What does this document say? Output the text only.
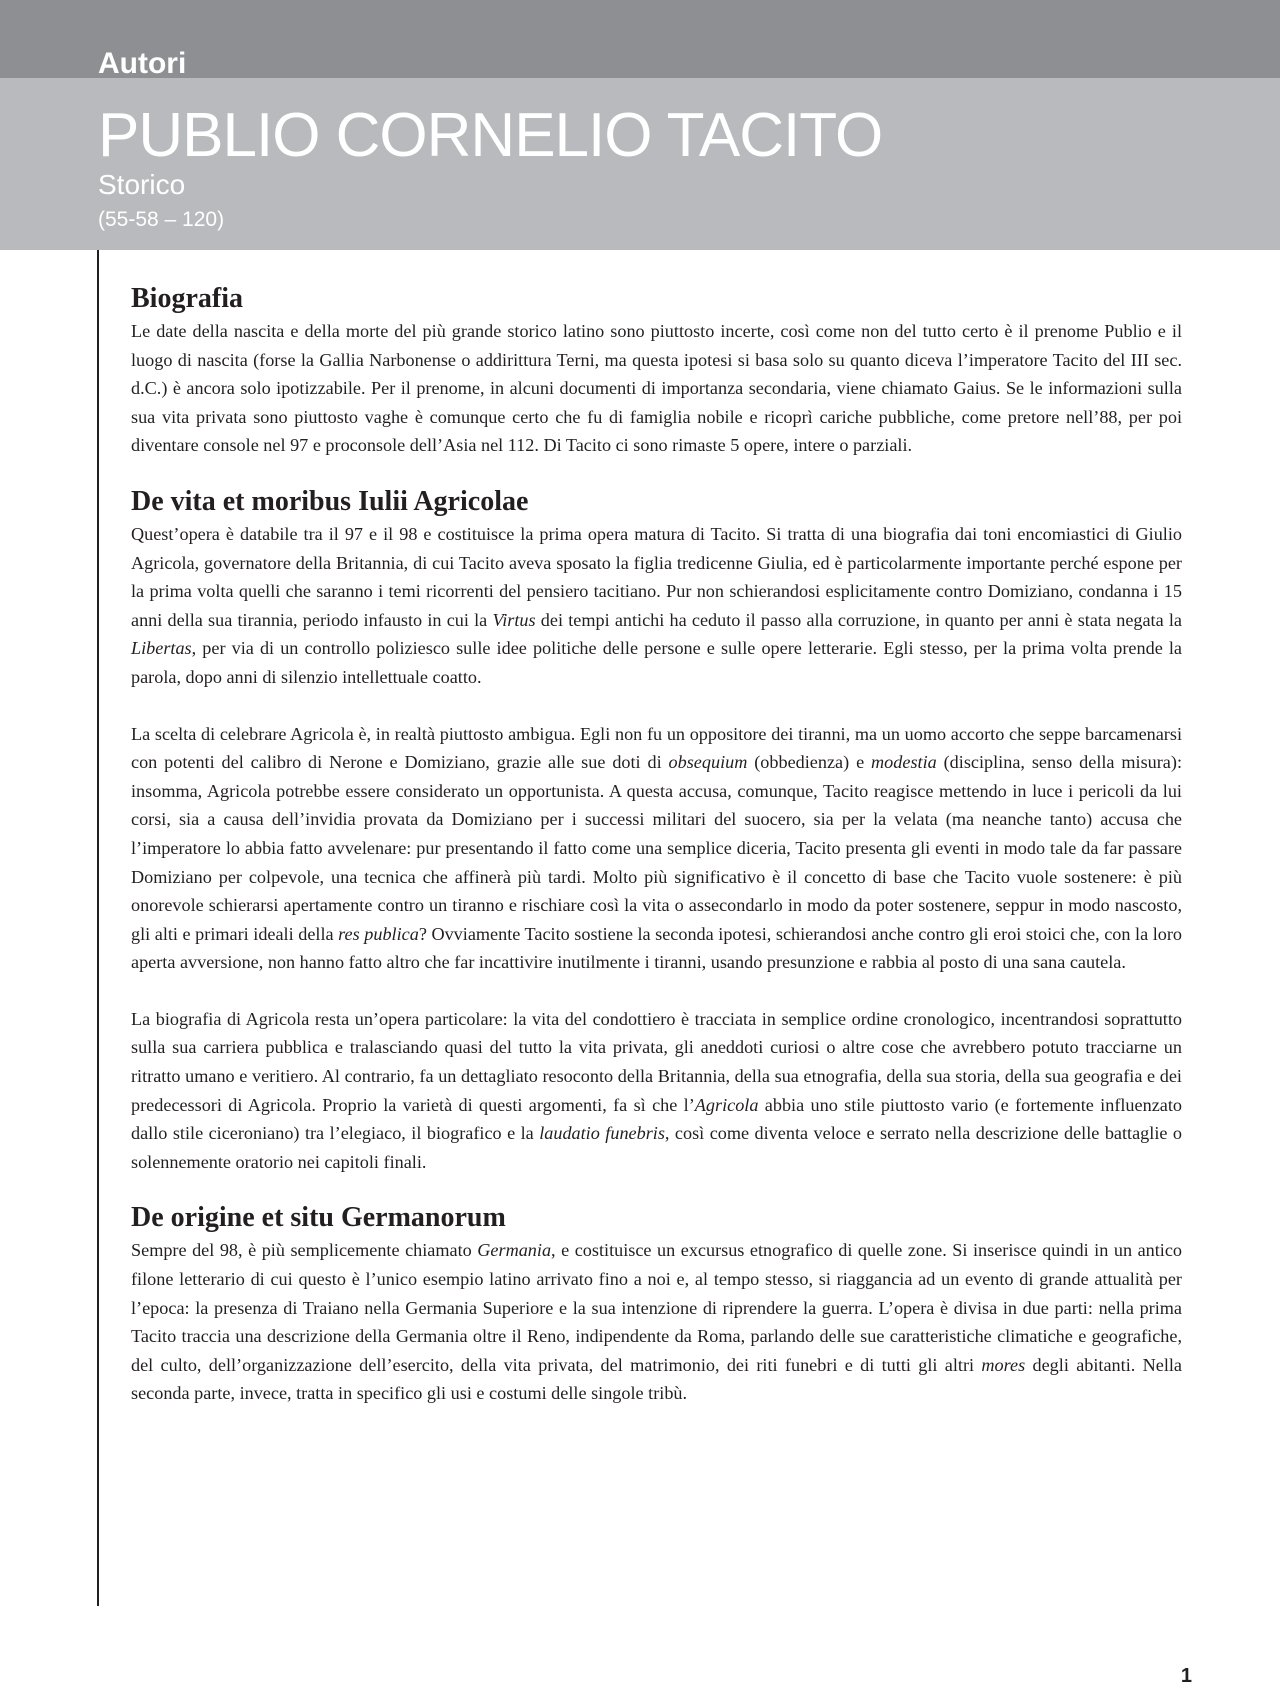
Autori
PUBLIO CORNELIO TACITO
Storico
(55-58 – 120)
Biografia

Le date della nascita e della morte del più grande storico latino sono piuttosto incerte, così come non del tutto certo è il prenome Publio e il luogo di nascita (forse la Gallia Narbonense o addirittura Terni, ma questa ipotesi si basa solo su quanto diceva l’imperatore Tacito del III sec. d.C.) è ancora solo ipotizzabile. Per il prenome, in alcuni documenti di importanza secondaria, viene chiamato Gaius. Se le informazioni sulla sua vita privata sono piuttosto vaghe è comunque certo che fu di famiglia nobile e ricoprì cariche pubbliche, come pretore nell’88, per poi diventare console nel 97 e proconsole dell’Asia nel 112. Di Tacito ci sono rimaste 5 opere, intere o parziali.

De vita et moribus Iulii Agricolae

Quest’opera è databile tra il 97 e il 98 e costituisce la prima opera matura di Tacito. Si tratta di una biografia dai toni encomiastici di Giulio Agricola, governatore della Britannia, di cui Tacito aveva sposato la figlia tredicenne Giulia, ed è particolarmente importante perché espone per la prima volta quelli che saranno i temi ricorrenti del pensiero tacitiano. Pur non schierandosi esplicitamente contro Domiziano, condanna i 15 anni della sua tirannia, periodo infausto in cui la Virtus dei tempi antichi ha ceduto il passo alla corruzione, in quanto per anni è stata negata la Libertas, per via di un controllo poliziesco sulle idee politiche delle persone e sulle opere letterarie. Egli stesso, per la prima volta prende la parola, dopo anni di silenzio intellettuale coatto.

La scelta di celebrare Agricola è, in realtà piuttosto ambigua. Egli non fu un oppositore dei tiranni, ma un uomo accorto che seppe barcamenarsi con potenti del calibro di Nerone e Domiziano, grazie alle sue doti di obsequium (obbedienza) e modestia (disciplina, senso della misura): insomma, Agricola potrebbe essere considerato un opportunista. A questa accusa, comunque, Tacito reagisce mettendo in luce i pericoli da lui corsi, sia a causa dell’invidia provata da Domiziano per i successi militari del suocero, sia per la velata (ma neanche tanto) accusa che l’imperatore lo abbia fatto avvelenare: pur presentando il fatto come una semplice diceria, Tacito presenta gli eventi in modo tale da far passare Domiziano per colpevole, una tecnica che affinerà più tardi. Molto più significativo è il concetto di base che Tacito vuole sostenere: è più onorevole schierarsi apertamente contro un tiranno e rischiare così la vita o assecondarlo in modo da poter sostenere, seppur in modo nascosto, gli alti e primari ideali della res publica? Ovviamente Tacito sostiene la seconda ipotesi, schierandosi anche contro gli eroi stoici che, con la loro aperta avversione, non hanno fatto altro che far incattivire inutilmente i tiranni, usando presunzione e rabbia al posto di una sana cautela.

La biografia di Agricola resta un’opera particolare: la vita del condottiero è tracciata in semplice ordine cronologico, incentrandosi soprattutto sulla sua carriera pubblica e tralasciando quasi del tutto la vita privata, gli aneddoti curiosi o altre cose che avrebbero potuto tracciarne un ritratto umano e veritiero. Al contrario, fa un dettagliato resoconto della Britannia, della sua etnografia, della sua storia, della sua geografia e dei predecessori di Agricola. Proprio la varietà di questi argomenti, fa sì che l’Agricola abbia uno stile piuttosto vario (e fortemente influenzato dallo stile ciceroniano) tra l’elegiaco, il biografico e la laudatio funebris, così come diventa veloce e serrato nella descrizione delle battaglie o solennemente oratorio nei capitoli finali.

De origine et situ Germanorum

Sempre del 98, è più semplicemente chiamato Germania, e costituisce un excursus etnografico di quelle zone. Si inserisce quindi in un antico filone letterario di cui questo è l’unico esempio latino arrivato fino a noi e, al tempo stesso, si riaggancia ad un evento di grande attualità per l’epoca: la presenza di Traiano nella Germania Superiore e la sua intenzione di riprendere la guerra. L’opera è divisa in due parti: nella prima Tacito traccia una descrizione della Germania oltre il Reno, indipendente da Roma, parlando delle sue caratteristiche climatiche e geografiche, del culto, dell’organizzazione dell’esercito, della vita privata, del matrimonio, dei riti funebri e di tutti gli altri mores degli abitanti. Nella seconda parte, invece, tratta in specifico gli usi e costumi delle singole tribù.

1
